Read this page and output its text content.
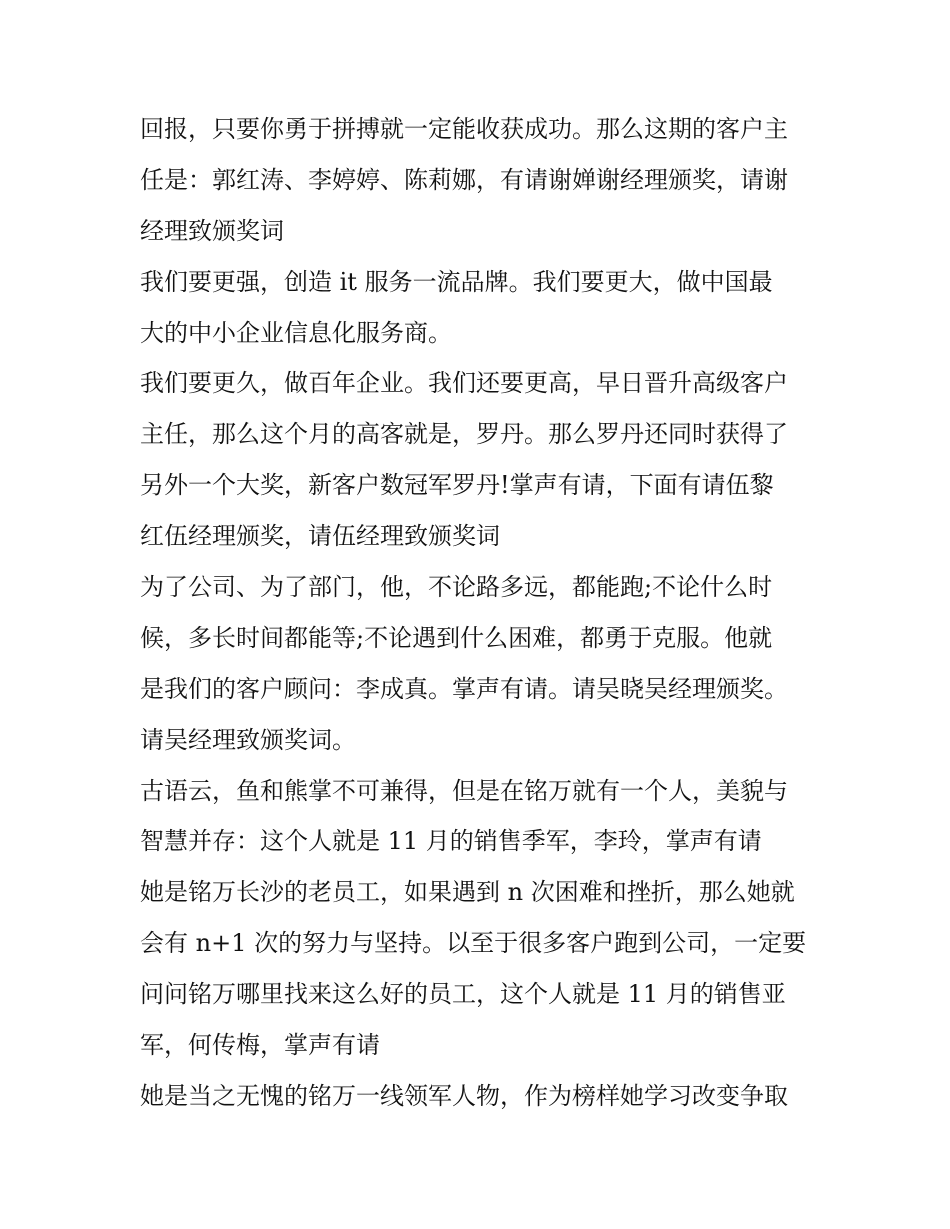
回报，只要你勇于拼搏就一定能收获成功。那么这期的客户主
任是：郭红涛、李婷婷、陈莉娜，有请谢婵谢经理颁奖，请谢
经理致颁奖词
我们要更强，创造 it 服务一流品牌。我们要更大，做中国最
大的中小企业信息化服务商。
我们要更久，做百年企业。我们还要更高，早日晋升高级客户
主任，那么这个月的高客就是，罗丹。那么罗丹还同时获得了
另外一个大奖，新客户数冠军罗丹!掌声有请，下面有请伍黎
红伍经理颁奖，请伍经理致颁奖词
为了公司、为了部门，他，不论路多远，都能跑;不论什么时
候，多长时间都能等;不论遇到什么困难，都勇于克服。他就
是我们的客户顾问：李成真。掌声有请。请吴晓吴经理颁奖。
请吴经理致颁奖词。
古语云，鱼和熊掌不可兼得，但是在铭万就有一个人，美貌与
智慧并存：这个人就是 11 月的销售季军，李玲，掌声有请
她是铭万长沙的老员工，如果遇到 n 次困难和挫折，那么她就
会有 n+1 次的努力与坚持。以至于很多客户跑到公司，一定要
问问铭万哪里找来这么好的员工，这个人就是 11 月的销售亚
军，何传梅，掌声有请
她是当之无愧的铭万一线领军人物，作为榜样她学习改变争取
